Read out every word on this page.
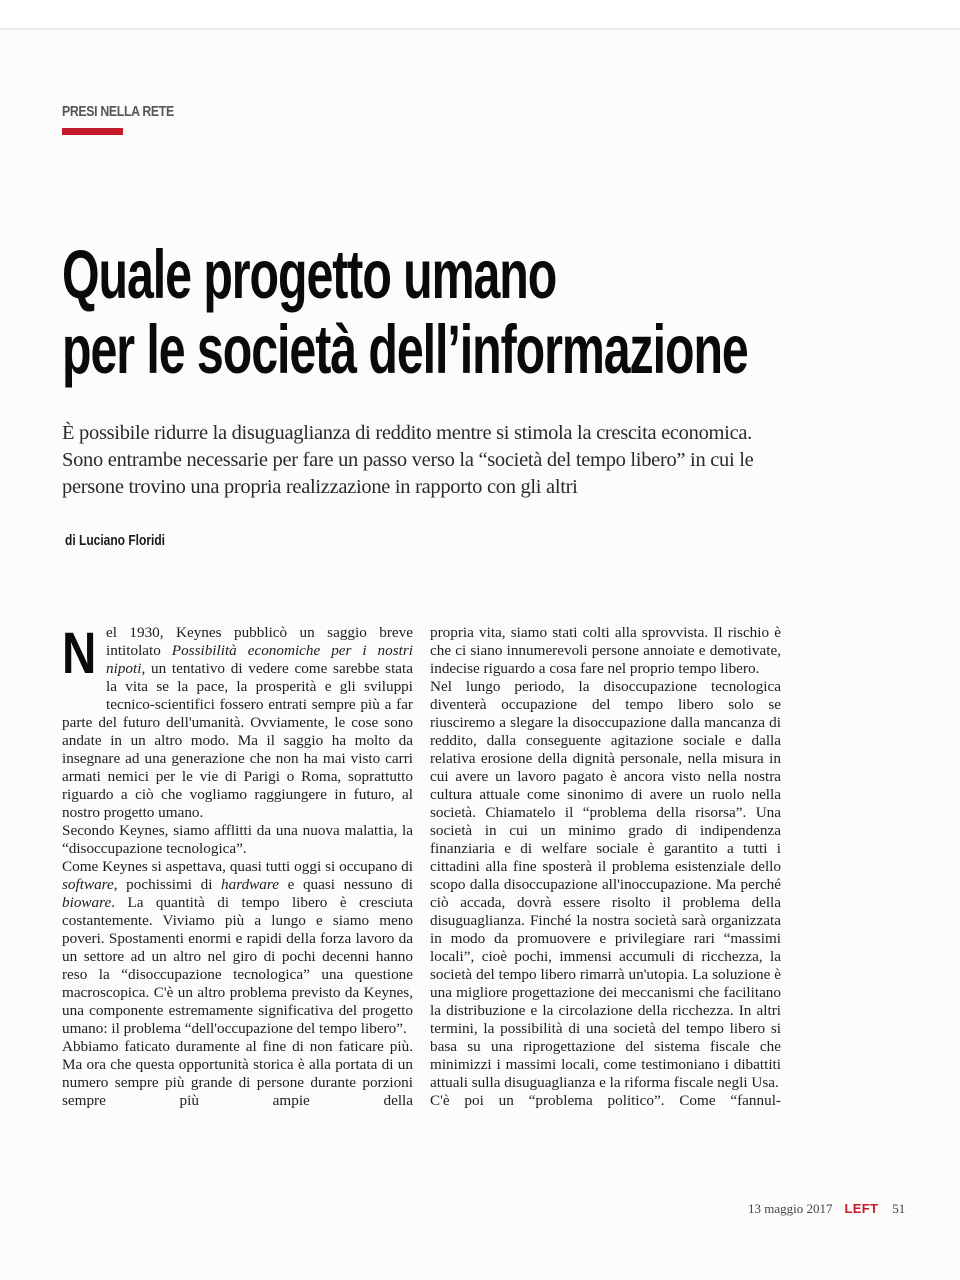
PRESI NELLA RETE
Quale progetto umano
per le società dell’informazione
È possibile ridurre la disuguaglianza di reddito mentre si stimola la crescita economica.
Sono entrambe necessarie per fare un passo verso la “società del tempo libero” in cui le
persone trovino una propria realizzazione in rapporto con gli altri
di Luciano Floridi
N el 1930, Keynes pubblicò un saggio breve intitolato Possibilità economiche per i nostri nipoti, un tentativo di vedere come sarebbe stata la vita se la pace, la prosperità e gli sviluppi tecnico-scientifici fossero entrati sempre più a far parte del futuro dell'umanità. Ovviamente, le cose sono andate in un altro modo. Ma il saggio ha molto da insegnare ad una generazione che non ha mai visto carri armati nemici per le vie di Parigi o Roma, soprattutto riguardo a ciò che vogliamo raggiungere in futuro, al nostro progetto umano.

Secondo Keynes, siamo afflitti da una nuova malattia, la “disoccupazione tecnologica”.

Come Keynes si aspettava, quasi tutti oggi si occupano di software, pochissimi di hardware e quasi nessuno di bioware. La quantità di tempo libero è cresciuta costantemente. Viviamo più a lungo e siamo meno poveri. Spostamenti enormi e rapidi della forza lavoro da un settore ad un altro nel giro di pochi decenni hanno reso la “disoccupazione tecnologica” una questione macroscopica. C'è un altro problema previsto da Keynes, una componente estremamente significativa del progetto umano: il problema “dell'occupazione del tempo libero”.

Abbiamo faticato duramente al fine di non faticare più. Ma ora che questa opportunità storica è alla portata di un numero sempre più grande di persone durante porzioni sempre più ampie della

propria vita, siamo stati colti alla sprovvista. Il rischio è che ci siano innumerevoli persone annoiate e demotivate, indecise riguardo a cosa fare nel proprio tempo libero.

Nel lungo periodo, la disoccupazione tecnologica diventerà occupazione del tempo libero solo se riusciremo a slegare la disoccupazione dalla mancanza di reddito, dalla conseguente agitazione sociale e dalla relativa erosione della dignità personale, nella misura in cui avere un lavoro pagato è ancora visto nella nostra cultura attuale come sinonimo di avere un ruolo nella società. Chiamatelo il “problema della risorsa”. Una società in cui un minimo grado di indipendenza finanziaria e di welfare sociale è garantito a tutti i cittadini alla fine sposterà il problema esistenziale dello scopo dalla disoccupazione all'inoccupazione. Ma perché ciò accada, dovrà essere risolto il problema della disuguaglianza. Finché la nostra società sarà organizzata in modo da promuovere e privilegiare rari “massimi locali”, cioè pochi, immensi accumuli di ricchezza, la società del tempo libero rimarrà un'utopia. La soluzione è una migliore progettazione dei meccanismi che facilitano la distribuzione e la circolazione della ricchezza. In altri termini, la possibilità di una società del tempo libero si basa su una riprogettazione del sistema fiscale che minimizzi i massimi locali, come testimoniano i dibattiti attuali sulla disuguaglianza e la riforma fiscale negli Usa.

C'è poi un “problema politico”. Come “fannul-

13 maggio 2017 LEFT 51
